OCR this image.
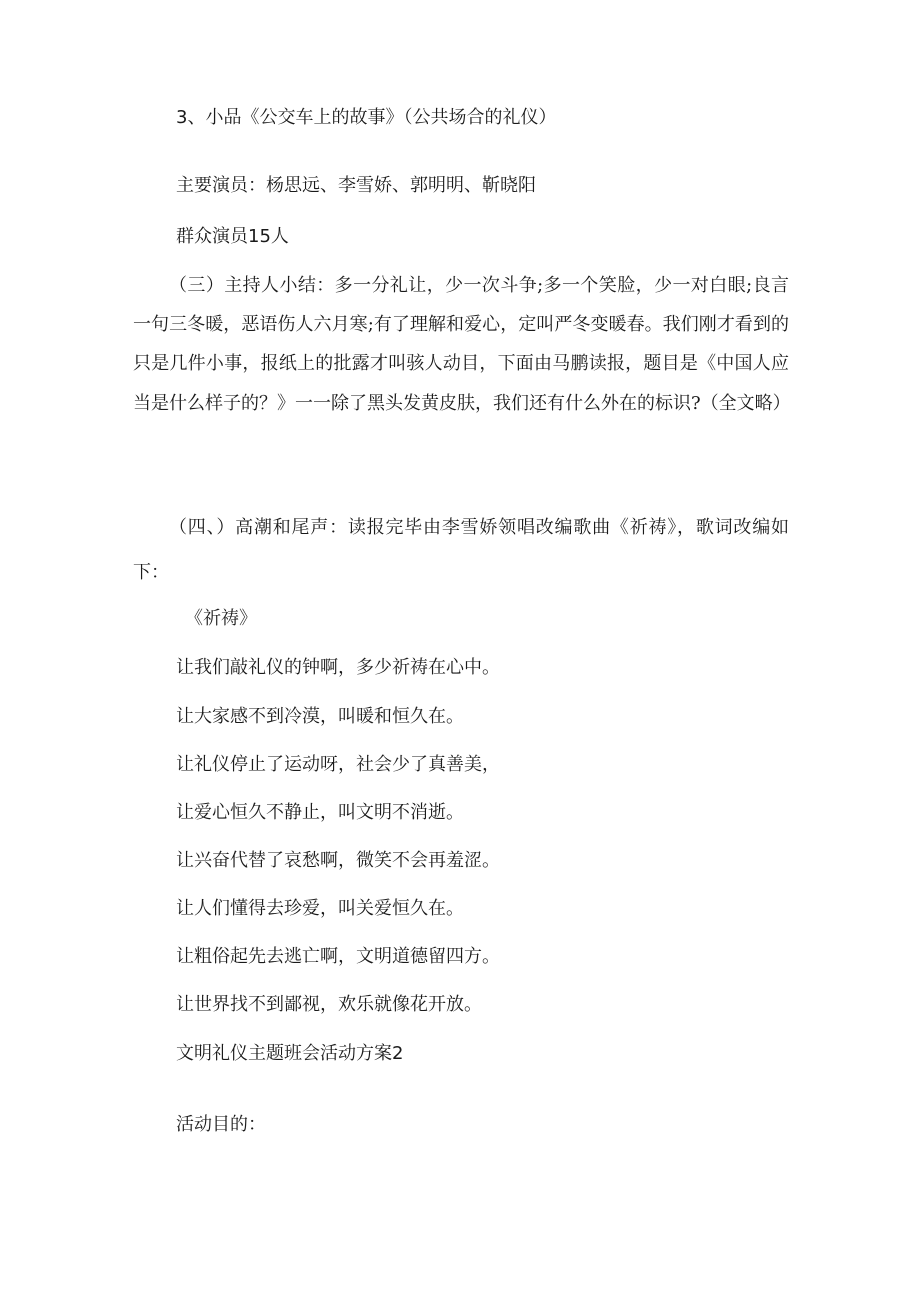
3、小品《公交车上的故事》（公共场合的礼仪）

主要演员：杨思远、李雪娇、郭明明、靳晓阳

群众演员15人

（三）主持人小结：多一分礼让，少一次斗争;多一个笑脸，少一对白眼;良言一句三冬暖，恶语伤人六月寒;有了理解和爱心，定叫严冬变暖春。我们刚才看到的只是几件小事，报纸上的批露才叫骇人动目，下面由马鹏读报，题目是《中国人应当是什么样子的？》一一除了黑头发黄皮肤，我们还有什么外在的标识?（全文略）

（四、）高潮和尾声：读报完毕由李雪娇领唱改编歌曲《祈祷》，歌词改编如下：

《祈祷》

让我们敲礼仪的钟啊，多少祈祷在心中。

让大家感不到冷漠，叫暖和恒久在。

让礼仪停止了运动呀，社会少了真善美，

让爱心恒久不静止，叫文明不消逝。

让兴奋代替了哀愁啊，微笑不会再羞涩。

让人们懂得去珍爱，叫关爱恒久在。

让粗俗起先去逃亡啊，文明道德留四方。

让世界找不到鄙视，欢乐就像花开放。

文明礼仪主题班会活动方案2

活动目的：
